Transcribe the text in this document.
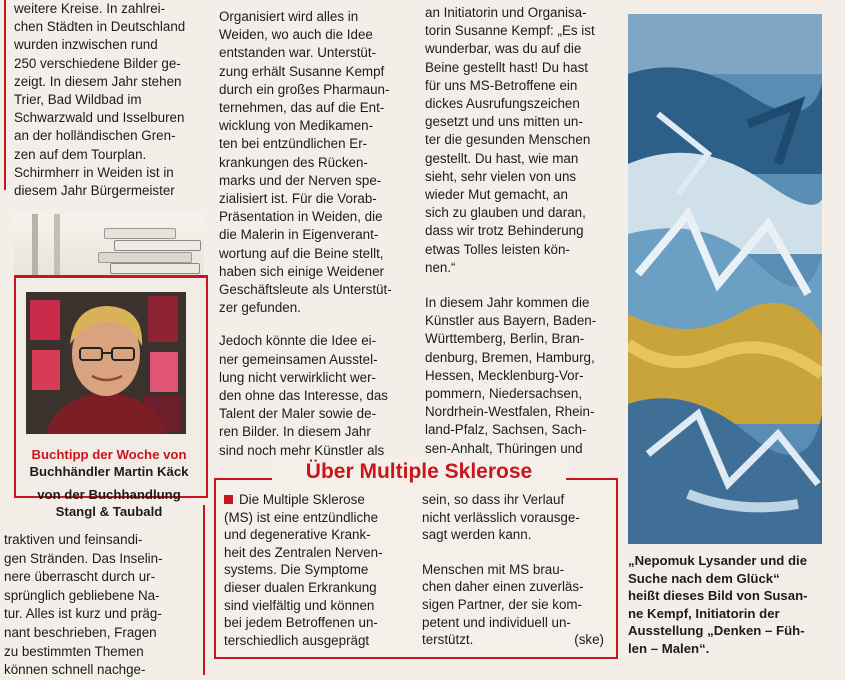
weitere Kreise. In zahlrei-

chen Städten in Deutschland

wurden inzwischen rund

250 verschiedene Bilder ge-

zeigt. In diesem Jahr stehen

Trier, Bad Wildbad im

Schwarzwald und Isselburen

an der holländischen Gren-

zen auf dem Tourplan.

Schirmherr in Weiden ist in

diesem Jahr Bürgermeister

Buchtipp der Woche von
Buchhändler Martin Käck
von der Buchhandlung
Stangl & Taubald

traktiven und feinsandi-

gen Stränden. Das Inselin-

nere überrascht durch ur-

sprünglich gebliebene Na-

tur. Alles ist kurz und präg-

nant beschrieben, Fragen

zu bestimmten Themen

können schnell nachge-

Organisiert wird alles in

Weiden, wo auch die Idee

entstanden war. Unterstüt-

zung erhält Susanne Kempf

durch ein großes Pharmaun-

ternehmen, das auf die Ent-

wicklung von Medikamen-

ten bei entzündlichen Er-

krankungen des Rücken-

marks und der Nerven spe-

zialisiert ist. Für die Vorab-

Präsentation in Weiden, die

die Malerin in Eigenverant-

wortung auf die Beine stellt,

haben sich einige Weidener

Geschäftsleute als Unterstüt-

zer gefunden.

Jedoch könnte die Idee ei-

ner gemeinsamen Ausstel-

lung nicht verwirklicht wer-

den ohne das Interesse, das

Talent der Maler sowie de-

ren Bilder. In diesem Jahr

sind noch mehr Künstler als

an Initiatorin und Organisa-

torin Susanne Kempf: „Es ist

wunderbar, was du auf die

Beine gestellt hast! Du hast

für uns MS-Betroffene ein

dickes Ausrufungszeichen

gesetzt und uns mitten un-

ter die gesunden Menschen

gestellt. Du hast, wie man

sieht, sehr vielen von uns

wieder Mut gemacht, an

sich zu glauben und daran,

dass wir trotz Behinderung

etwas Tolles leisten kön-

nen.“

In diesem Jahr kommen die

Künstler aus Bayern, Baden-

Württemberg, Berlin, Bran-

denburg, Bremen, Hamburg,

Hessen, Mecklenburg-Vor-

pommern, Niedersachsen,

Nordrhein-Westfalen, Rhein-

land-Pfalz, Sachsen, Sach-

sen-Anhalt, Thüringen und

Über Multiple Sklerose

Die Multiple Sklerose

(MS) ist eine entzündliche

und degenerative Krank-

heit des Zentralen Nerven-

systems. Die Symptome

dieser dualen Erkrankung

sind vielfältig und können

bei jedem Betroffenen un-

terschiedlich ausgeprägt

sein, so dass ihr Verlauf

nicht verlässlich vorausge-

sagt werden kann.

Menschen mit MS brau-

chen daher einen zuverläs-

sigen Partner, der sie kom-

petent und individuell un-

terstützt.	(ske)

„Nepomuk Lysander und die
Suche nach dem Glück“
heißt dieses Bild von Susan-
ne Kempf, Initiatorin der
Ausstellung „Denken – Füh-
len – Malen“.
